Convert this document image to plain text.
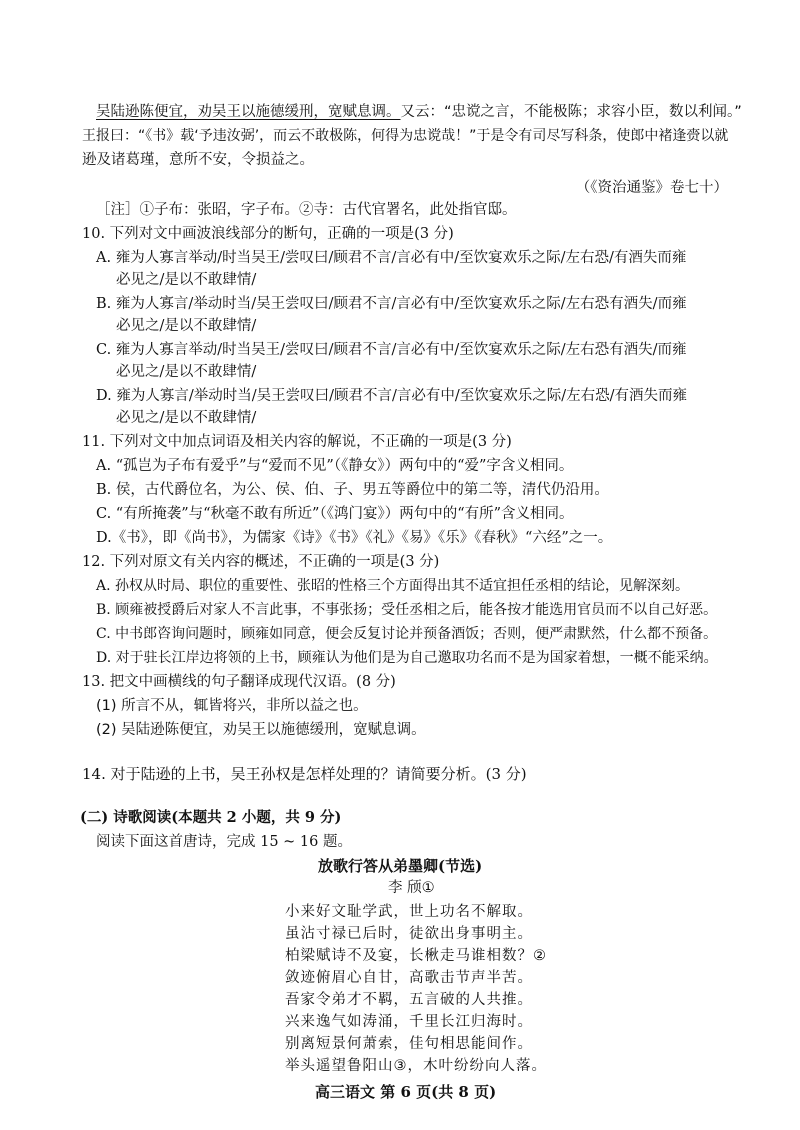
吴陆逊陈便宜，劝吴王以施德缓刑，宽赋息调。又云：“忠谠之言，不能极陈；求容小臣，数以利闻。”
王报曰：“《书》载‘予违汝弼’，而云不敢极陈，何得为忠谠哉！”于是令有司尽写科条，使郎中褚逢赍以就
逊及诸葛瑾，意所不安，令损益之。
（《资治通鉴》卷七十）
［注］①子布：张昭，字子布。②寺：古代官署名，此处指官邸。
10. 下列对文中画波浪线部分的断句，正确的一项是(3 分)
A. 雍为人寡言举动/时当吴王/尝叹曰/顾君不言/言必有中/至饮宴欢乐之际/左右恐/有酒失而雍
必见之/是以不敢肆情/
B. 雍为人寡言/举动时当/吴王尝叹曰/顾君不言/言必有中/至饮宴欢乐之际/左右恐有酒失/而雍
必见之/是以不敢肆情/
C. 雍为人寡言举动/时当吴王/尝叹曰/顾君不言/言必有中/至饮宴欢乐之际/左右恐有酒失/而雍
必见之/是以不敢肆情/
D. 雍为人寡言/举动时当/吴王尝叹曰/顾君不言/言必有中/至饮宴欢乐之际/左右恐/有酒失而雍
必见之/是以不敢肆情/
11. 下列对文中加点词语及相关内容的解说，不正确的一项是(3 分)
A. “孤岂为子布有爱乎”与“爱而不见”（《静女》）两句中的“爱”字含义相同。
B. 侯，古代爵位名，为公、侯、伯、子、男五等爵位中的第二等，清代仍沿用。
C. “有所掩袭”与“秋毫不敢有所近”（《鸿门宴》）两句中的“有所”含义相同。
D.《书》，即《尚书》，为儒家《诗》《书》《礼》《易》《乐》《春秋》“六经”之一。
12. 下列对原文有关内容的概述，不正确的一项是(3 分)
A. 孙权从时局、职位的重要性、张昭的性格三个方面得出其不适宜担任丞相的结论，见解深刻。
B. 顾雍被授爵后对家人不言此事，不事张扬；受任丞相之后，能各按才能选用官员而不以自己好恶。
C. 中书郎咨询问题时，顾雍如同意，便会反复讨论并预备酒饭；否则，便严肃默然，什么都不预备。
D. 对于驻长江岸边将领的上书，顾雍认为他们是为自己邀取功名而不是为国家着想，一概不能采纳。
13. 把文中画横线的句子翻译成现代汉语。(8 分)
(1) 所言不从，辄皆将兴，非所以益之也。
(2) 吴陆逊陈便宜，劝吴王以施德缓刑，宽赋息调。
14. 对于陆逊的上书，吴王孙权是怎样处理的？请简要分析。(3 分)
(二) 诗歌阅读(本题共 2 小题，共 9 分)
阅读下面这首唐诗，完成 15 ~ 16 题。
放歌行答从弟墨卿(节选)
李 颀①
小来好文耻学武，世上功名不解取。
虽沾寸禄已后时，徒欲出身事明主。
柏梁赋诗不及宴，长楸走马谁相数？②
敛迹俯眉心自甘，高歌击节声半苦。
吾家令弟才不羁，五言破的人共推。
兴来逸气如涛涌，千里长江归海时。
别离短景何萧索，佳句相思能间作。
举头遥望鲁阳山③，木叶纷纷向人落。
高三语文 第 6 页(共 8 页)
